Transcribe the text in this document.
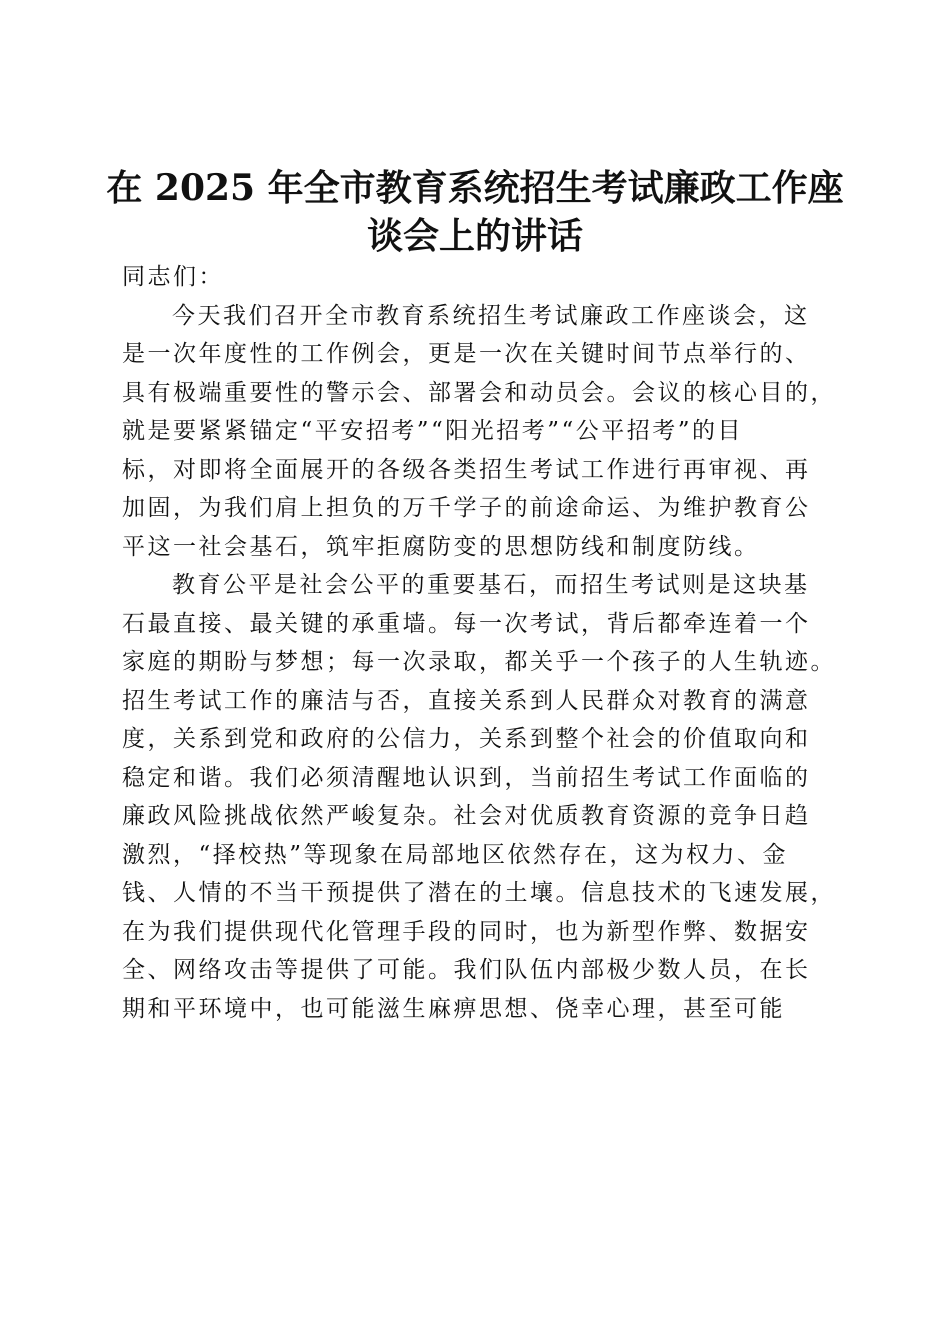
在 2025 年全市教育系统招生考试廉政工作座
谈会上的讲话

同志们：

今天我们召开全市教育系统招生考试廉政工作座谈会，这
是一次年度性的工作例会，更是一次在关键时间节点举行的、
具有极端重要性的警示会、部署会和动员会。会议的核心目的，
就是要紧紧锚定“平安招考”“阳光招考”“公平招考”的目
标，对即将全面展开的各级各类招生考试工作进行再审视、再
加固，为我们肩上担负的万千学子的前途命运、为维护教育公
平这一社会基石，筑牢拒腐防变的思想防线和制度防线。

教育公平是社会公平的重要基石，而招生考试则是这块基
石最直接、最关键的承重墙。每一次考试，背后都牵连着一个
家庭的期盼与梦想；每一次录取，都关乎一个孩子的人生轨迹。
招生考试工作的廉洁与否，直接关系到人民群众对教育的满意
度，关系到党和政府的公信力，关系到整个社会的价值取向和
稳定和谐。我们必须清醒地认识到，当前招生考试工作面临的
廉政风险挑战依然严峻复杂。社会对优质教育资源的竞争日趋
激烈，“择校热”等现象在局部地区依然存在，这为权力、金
钱、人情的不当干预提供了潜在的土壤。信息技术的飞速发展，
在为我们提供现代化管理手段的同时，也为新型作弊、数据安
全、网络攻击等提供了可能。我们队伍内部极少数人员，在长
期和平环境中，也可能滋生麻痹思想、侥幸心理，甚至可能
